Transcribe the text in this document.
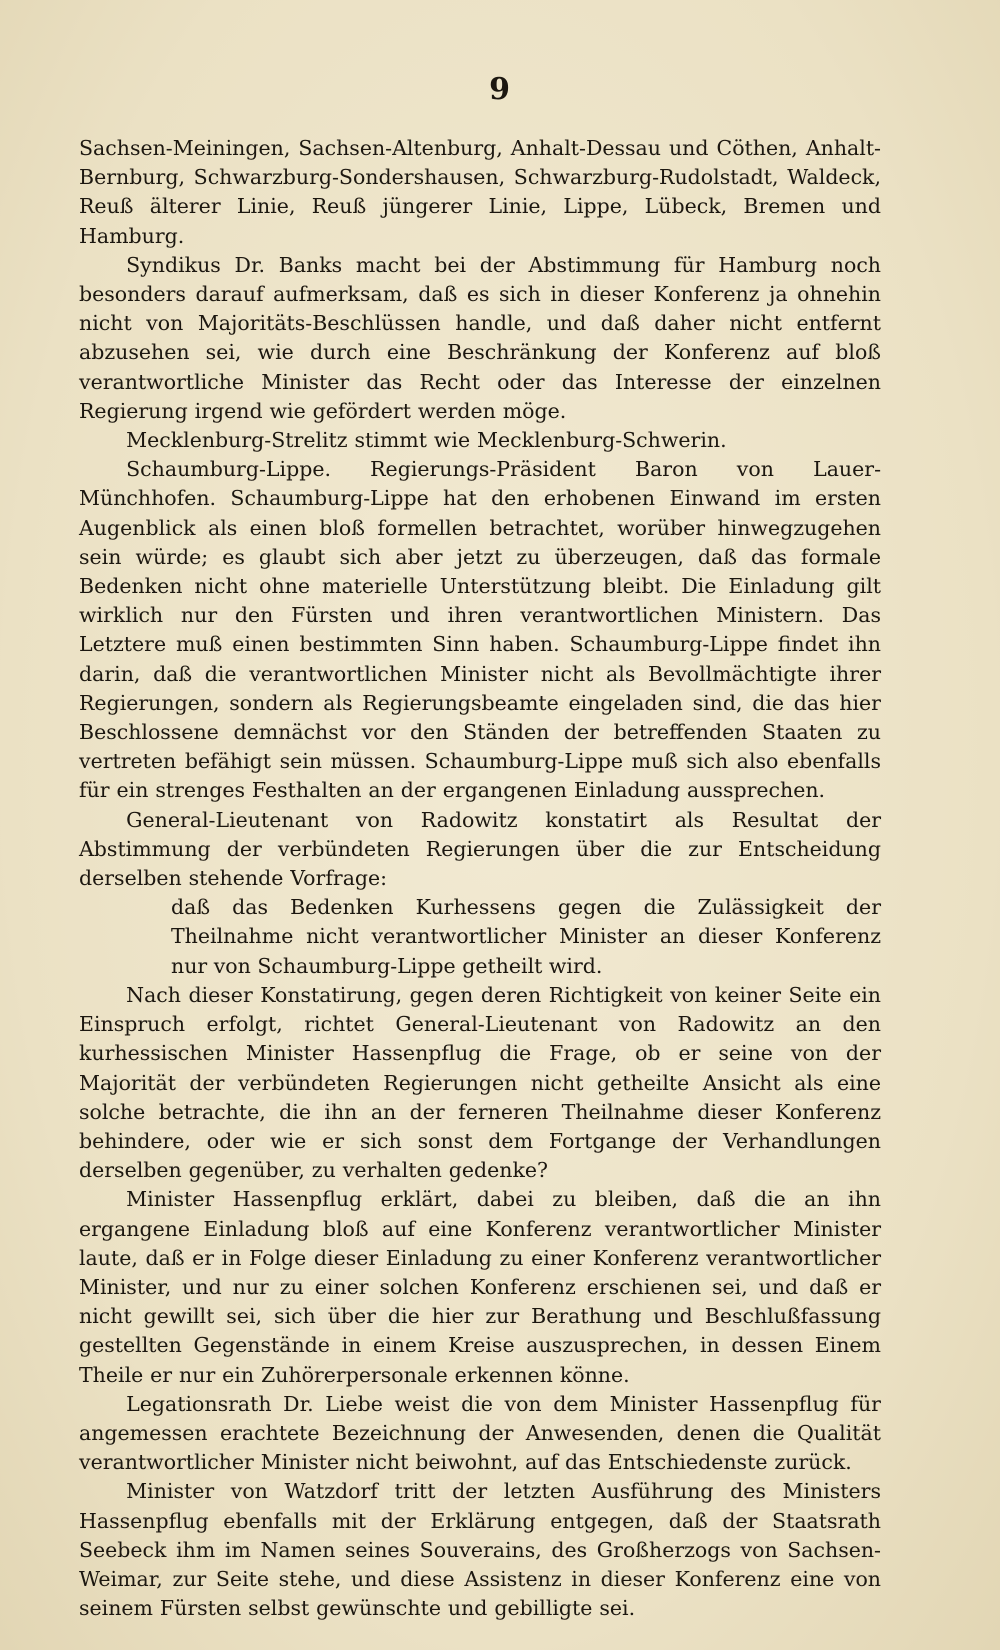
9

Sachsen-Meiningen, Sachsen-Altenburg, Anhalt-Dessau und Cöthen, Anhalt-Bernburg, Schwarzburg-Sondershausen, Schwarzburg-Rudolstadt, Waldeck, Reuß älterer Linie, Reuß jüngerer Linie, Lippe, Lübeck, Bremen und Hamburg.

Syndikus Dr. Banks macht bei der Abstimmung für Hamburg noch besonders darauf aufmerksam, daß es sich in dieser Konferenz ja ohnehin nicht von Majoritäts-Beschlüssen handle, und daß daher nicht entfernt abzusehen sei, wie durch eine Beschränkung der Konferenz auf bloß verantwortliche Minister das Recht oder das Interesse der einzelnen Regierung irgend wie gefördert werden möge.

Mecklenburg-Strelitz stimmt wie Mecklenburg-Schwerin.

Schaumburg-Lippe. Regierungs-Präsident Baron von Lauer-Münchhofen. Schaumburg-Lippe hat den erhobenen Einwand im ersten Augenblick als einen bloß formellen betrachtet, worüber hinwegzugehen sein würde; es glaubt sich aber jetzt zu überzeugen, daß das formale Bedenken nicht ohne materielle Unterstützung bleibt. Die Einladung gilt wirklich nur den Fürsten und ihren verantwortlichen Ministern. Das Letztere muß einen bestimmten Sinn haben. Schaumburg-Lippe findet ihn darin, daß die verantwortlichen Minister nicht als Bevollmächtigte ihrer Regierungen, sondern als Regierungsbeamte eingeladen sind, die das hier Beschlossene demnächst vor den Ständen der betreffenden Staaten zu vertreten befähigt sein müssen. Schaumburg-Lippe muß sich also ebenfalls für ein strenges Festhalten an der ergangenen Einladung aussprechen.

General-Lieutenant von Radowitz konstatirt als Resultat der Abstimmung der verbündeten Regierungen über die zur Entscheidung derselben stehende Vorfrage:

daß das Bedenken Kurhessens gegen die Zulässigkeit der Theilnahme nicht verantwortlicher Minister an dieser Konferenz nur von Schaumburg-Lippe getheilt wird.

Nach dieser Konstatirung, gegen deren Richtigkeit von keiner Seite ein Einspruch erfolgt, richtet General-Lieutenant von Radowitz an den kurhessischen Minister Hassenpflug die Frage, ob er seine von der Majorität der verbündeten Regierungen nicht getheilte Ansicht als eine solche betrachte, die ihn an der ferneren Theilnahme dieser Konferenz behindere, oder wie er sich sonst dem Fortgange der Verhandlungen derselben gegenüber, zu verhalten gedenke?

Minister Hassenpflug erklärt, dabei zu bleiben, daß die an ihn ergangene Einladung bloß auf eine Konferenz verantwortlicher Minister laute, daß er in Folge dieser Einladung zu einer Konferenz verantwortlicher Minister, und nur zu einer solchen Konferenz erschienen sei, und daß er nicht gewillt sei, sich über die hier zur Berathung und Beschlußfassung gestellten Gegenstände in einem Kreise auszusprechen, in dessen Einem Theile er nur ein Zuhörerpersonale erkennen könne.

Legationsrath Dr. Liebe weist die von dem Minister Hassenpflug für angemessen erachtete Bezeichnung der Anwesenden, denen die Qualität verantwortlicher Minister nicht beiwohnt, auf das Entschiedenste zurück.

Minister von Watzdorf tritt der letzten Ausführung des Ministers Hassenpflug ebenfalls mit der Erklärung entgegen, daß der Staatsrath Seebeck ihm im Namen seines Souverains, des Großherzogs von Sachsen-Weimar, zur Seite stehe, und diese Assistenz in dieser Konferenz eine von seinem Fürsten selbst gewünschte und gebilligte sei.
